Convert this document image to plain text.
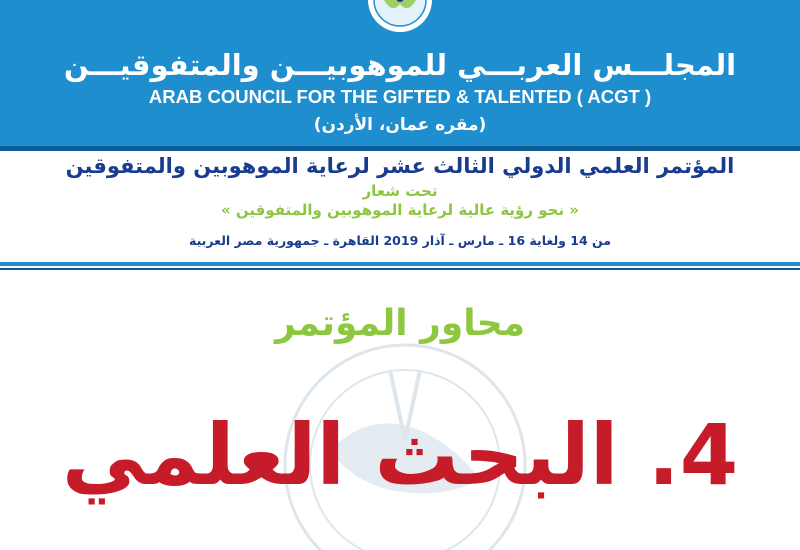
المجلـــس العربـــي للموهوبيـــن والمتفوقيـــن
ARAB COUNCIL FOR THE GIFTED & TALENTED ( ACGT )
(مقره عمان، الأردن)
المؤتمر العلمي الدولي الثالث عشر لرعاية الموهوبين والمتفوقين
تحت شعار
« نحو رؤية عالية لرعاية الموهوبين والمتفوقين »
من 14 ولغاية 16 ـ مارس ـ آذار 2019 القاهرة ـ جمهورية مصر العربية
محاور المؤتمر
4. البحث العلمي
